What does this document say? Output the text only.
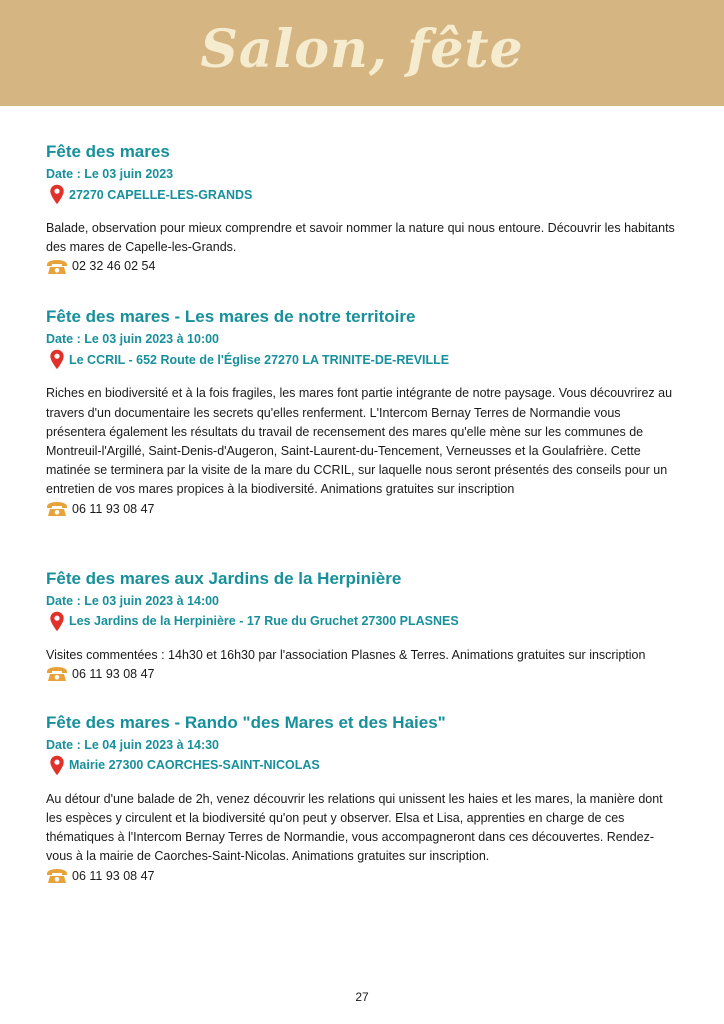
Salon, fête
Fête des mares
Date : Le 03 juin 2023
27270 CAPELLE-LES-GRANDS

Balade, observation pour mieux comprendre et savoir nommer la nature qui nous entoure. Découvrir les habitants des mares de Capelle-les-Grands.

02 32 46 02 54
Fête des mares - Les mares de notre territoire
Date : Le 03 juin 2023 à 10:00
Le CCRIL - 652 Route de l'Église 27270 LA TRINITE-DE-REVILLE

Riches en biodiversité et à la fois fragiles, les mares font partie intégrante de notre paysage. Vous découvrirez au travers d'un documentaire les secrets qu'elles renferment. L'Intercom Bernay Terres de Normandie vous présentera également les résultats du travail de recensement des mares qu'elle mène sur les communes de Montreuil-l'Argillé, Saint-Denis-d'Augeron, Saint-Laurent-du-Tencement, Verneusses et la Goulafrière. Cette matinée se terminera par la visite de la mare du CCRIL, sur laquelle nous seront présentés des conseils pour un entretien de vos mares propices à la biodiversité. Animations gratuites sur inscription

06 11 93 08 47
Fête des mares aux Jardins de la Herpinière
Date : Le 03 juin 2023 à 14:00
Les Jardins de la Herpinière - 17 Rue du Gruchet 27300 PLASNES

Visites commentées : 14h30 et 16h30 par l'association Plasnes & Terres. Animations gratuites sur inscription

06 11 93 08 47
Fête des mares - Rando "des Mares et des Haies"
Date : Le 04 juin 2023 à 14:30
Mairie 27300 CAORCHES-SAINT-NICOLAS

Au détour d'une balade de 2h, venez découvrir les relations qui unissent les haies et les mares, la manière dont les espèces y circulent et la biodiversité qu'on peut y observer. Elsa et Lisa, apprenties en charge de ces thématiques à l'Intercom Bernay Terres de Normandie, vous accompagneront dans ces découvertes. Rendez-vous à la mairie de Caorches-Saint-Nicolas. Animations gratuites sur inscription.

06 11 93 08 47
27
